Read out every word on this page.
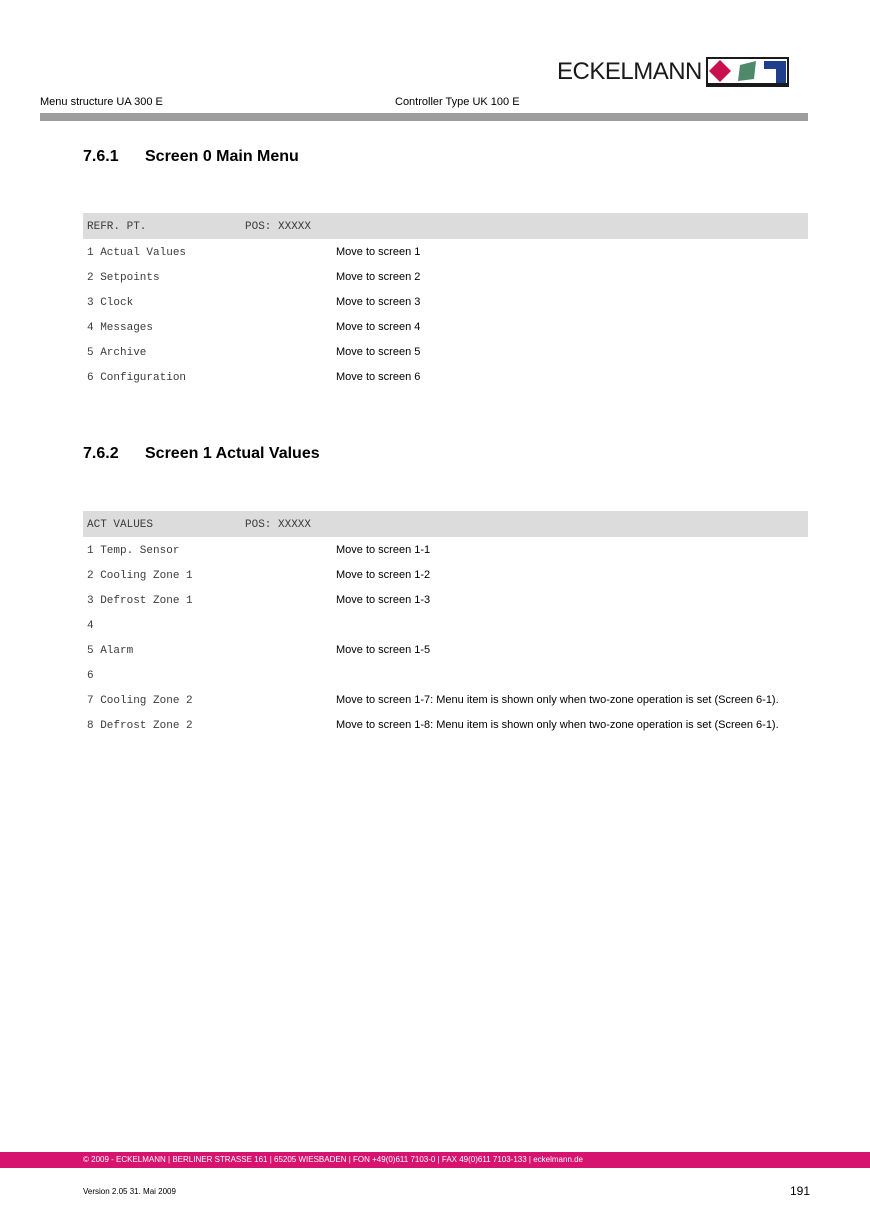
ECKELMANN
Menu structure UA 300 E	Controller Type UK 100 E
7.6.1 Screen 0 Main Menu
REFR. PT.	POS: XXXXX
1 Actual Values	Move to screen 1
2 Setpoints	Move to screen 2
3 Clock	Move to screen 3
4 Messages	Move to screen 4
5 Archive	Move to screen 5
6 Configuration	Move to screen 6
7.6.2 Screen 1 Actual Values
ACT VALUES	POS: XXXXX
1 Temp. Sensor	Move to screen 1-1
2 Cooling Zone 1	Move to screen 1-2
3 Defrost Zone 1	Move to screen 1-3
4
5 Alarm	Move to screen 1-5
6
7 Cooling Zone 2	Move to screen 1-7: Menu item is shown only when two-zone operation is set (Screen 6-1).
8 Defrost Zone 2	Move to screen 1-8: Menu item is shown only when two-zone operation is set (Screen 6-1).
© 2009 - ECKELMANN | BERLINER STRASSE 161 | 65205 WIESBADEN | FON +49(0)611 7103-0 | FAX 49(0)611 7103-133 | eckelmann.de
Version 2.05 31. Mai 2009	191
